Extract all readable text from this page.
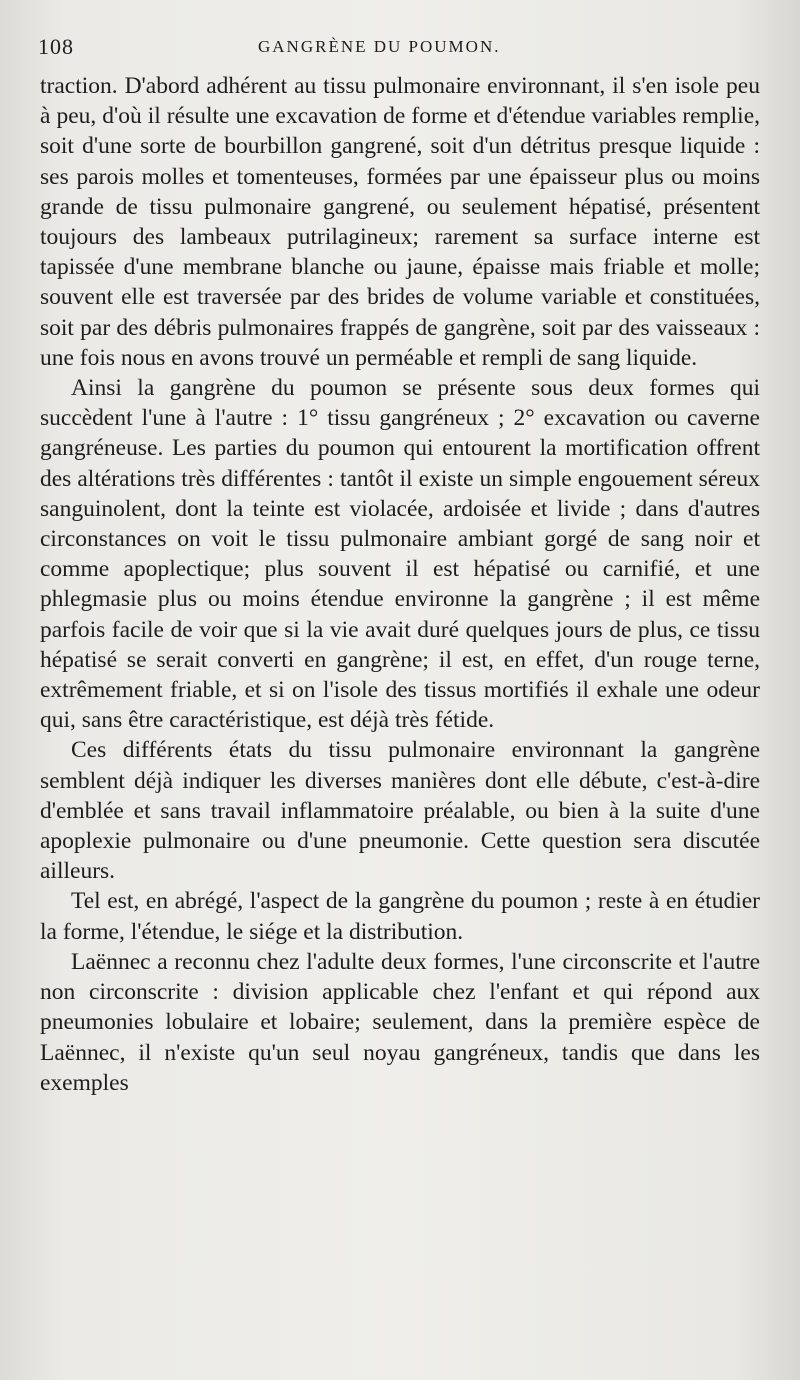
108	GANGRÈNE DU POUMON.

traction. D'abord adhérent au tissu pulmonaire environnant, il s'en isole peu à peu, d'où il résulte une excavation de forme et d'étendue variables remplie, soit d'une sorte de bourbillon gangrené, soit d'un détritus presque liquide : ses parois molles et tomenteuses, formées par une épaisseur plus ou moins grande de tissu pulmonaire gangrené, ou seulement hépatisé, présentent toujours des lambeaux putrilagineux; rarement sa surface interne est tapissée d'une membrane blanche ou jaune, épaisse mais friable et molle; souvent elle est traversée par des brides de volume variable et constituées, soit par des débris pulmonaires frappés de gangrène, soit par des vaisseaux : une fois nous en avons trouvé un perméable et rempli de sang liquide.

Ainsi la gangrène du poumon se présente sous deux formes qui succèdent l'une à l'autre : 1° tissu gangréneux ; 2° excavation ou caverne gangréneuse. Les parties du poumon qui entourent la mortification offrent des altérations très différentes : tantôt il existe un simple engouement séreux sanguinolent, dont la teinte est violacée, ardoisée et livide ; dans d'autres circonstances on voit le tissu pulmonaire ambiant gorgé de sang noir et comme apoplectique; plus souvent il est hépatisé ou carnifié, et une phlegmasie plus ou moins étendue environne la gangrène ; il est même parfois facile de voir que si la vie avait duré quelques jours de plus, ce tissu hépatisé se serait converti en gangrène; il est, en effet, d'un rouge terne, extrêmement friable, et si on l'isole des tissus mortifiés il exhale une odeur qui, sans être caractéristique, est déjà très fétide.

Ces différents états du tissu pulmonaire environnant la gangrène semblent déjà indiquer les diverses manières dont elle débute, c'est-à-dire d'emblée et sans travail inflammatoire préalable, ou bien à la suite d'une apoplexie pulmonaire ou d'une pneumonie. Cette question sera discutée ailleurs.

Tel est, en abrégé, l'aspect de la gangrène du poumon ; reste à en étudier la forme, l'étendue, le siége et la distribution.

Laënnec a reconnu chez l'adulte deux formes, l'une circonscrite et l'autre non circonscrite : division applicable chez l'enfant et qui répond aux pneumonies lobulaire et lobaire; seulement, dans la première espèce de Laënnec, il n'existe qu'un seul noyau gangréneux, tandis que dans les exemples
